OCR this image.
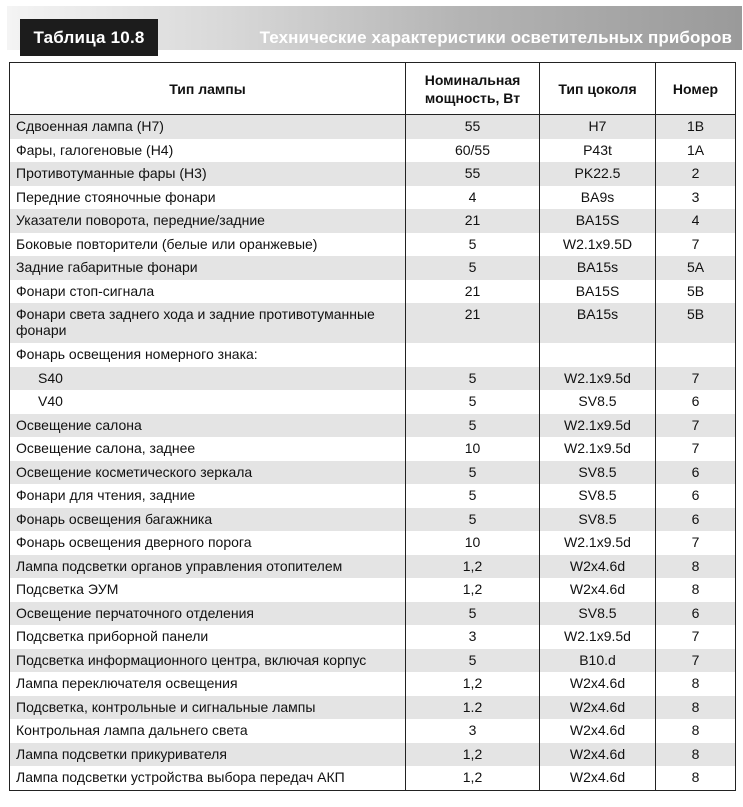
Таблица 10.8	Технические характеристики осветительных приборов
Тип лампы	Номинальная мощность, Вт	Тип цоколя	Номер
Сдвоенная лампа (H7)	55	H7	1B
Фары, галогеновые (H4)	60/55	P43t	1A
Противотуманные фары (H3)	55	PK22.5	2
Передние стояночные фонари	4	BA9s	3
Указатели поворота, передние/задние	21	BA15S	4
Боковые повторители (белые или оранжевые)	5	W2.1x9.5D	7
Задние габаритные фонари	5	BA15s	5A
Фонари стоп-сигнала	21	BA15S	5B
Фонари света заднего хода и задние противотуманные фонари	21	BA15s	5B
Фонарь освещения номерного знака:			
S40	5	W2.1x9.5d	7
V40	5	SV8.5	6
Освещение салона	5	W2.1x9.5d	7
Освещение салона, заднее	10	W2.1x9.5d	7
Освещение косметического зеркала	5	SV8.5	6
Фонари для чтения, задние	5	SV8.5	6
Фонарь освещения багажника	5	SV8.5	6
Фонарь освещения дверного порога	10	W2.1x9.5d	7
Лампа подсветки органов управления отопителем	1,2	W2x4.6d	8
Подсветка ЭУМ	1,2	W2x4.6d	8
Освещение перчаточного отделения	5	SV8.5	6
Подсветка приборной панели	3	W2.1x9.5d	7
Подсветка информационного центра, включая корпус	5	B10.d	7
Лампа переключателя освещения	1,2	W2x4.6d	8
Подсветка, контрольные и сигнальные лампы	1.2	W2x4.6d	8
Контрольная лампа дальнего света	3	W2x4.6d	8
Лампа подсветки прикуривателя	1,2	W2x4.6d	8
Лампа подсветки устройства выбора передач АКП	1,2	W2x4.6d	8
